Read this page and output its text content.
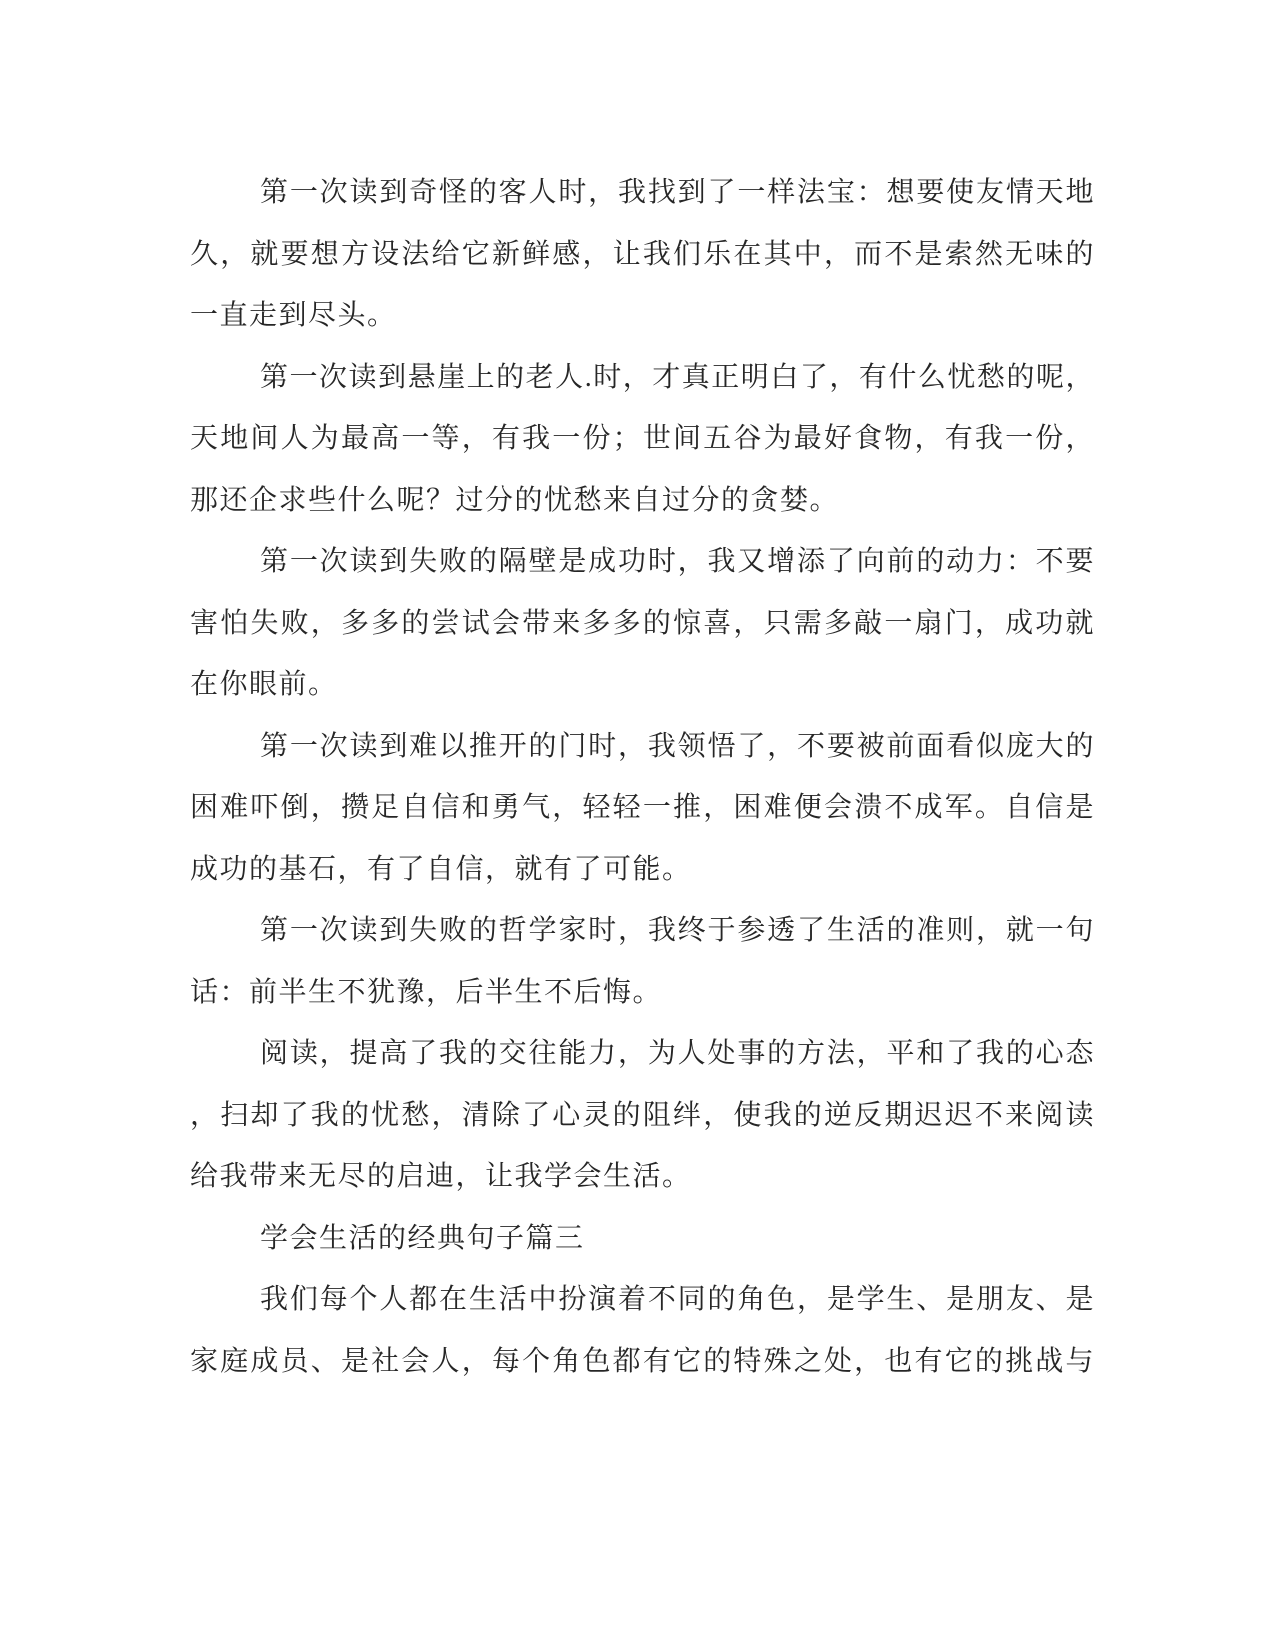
第一次读到奇怪的客人时，我找到了一样法宝：想要使友情天地
久，就要想方设法给它新鲜感，让我们乐在其中，而不是索然无味的
一直走到尽头。
第一次读到悬崖上的老人.时，才真正明白了，有什么忧愁的呢，
天地间人为最高一等，有我一份；世间五谷为最好食物，有我一份，
那还企求些什么呢？过分的忧愁来自过分的贪婪。
第一次读到失败的隔壁是成功时，我又增添了向前的动力：不要
害怕失败，多多的尝试会带来多多的惊喜，只需多敲一扇门，成功就
在你眼前。
第一次读到难以推开的门时，我领悟了，不要被前面看似庞大的
困难吓倒，攒足自信和勇气，轻轻一推，困难便会溃不成军。自信是
成功的基石，有了自信，就有了可能。
第一次读到失败的哲学家时，我终于参透了生活的准则，就一句
话：前半生不犹豫，后半生不后悔。
阅读，提高了我的交往能力，为人处事的方法，平和了我的心态
，扫却了我的忧愁，清除了心灵的阻绊，使我的逆反期迟迟不来阅读
给我带来无尽的启迪，让我学会生活。
学会生活的经典句子篇三
我们每个人都在生活中扮演着不同的角色，是学生、是朋友、是
家庭成员、是社会人，每个角色都有它的特殊之处，也有它的挑战与
